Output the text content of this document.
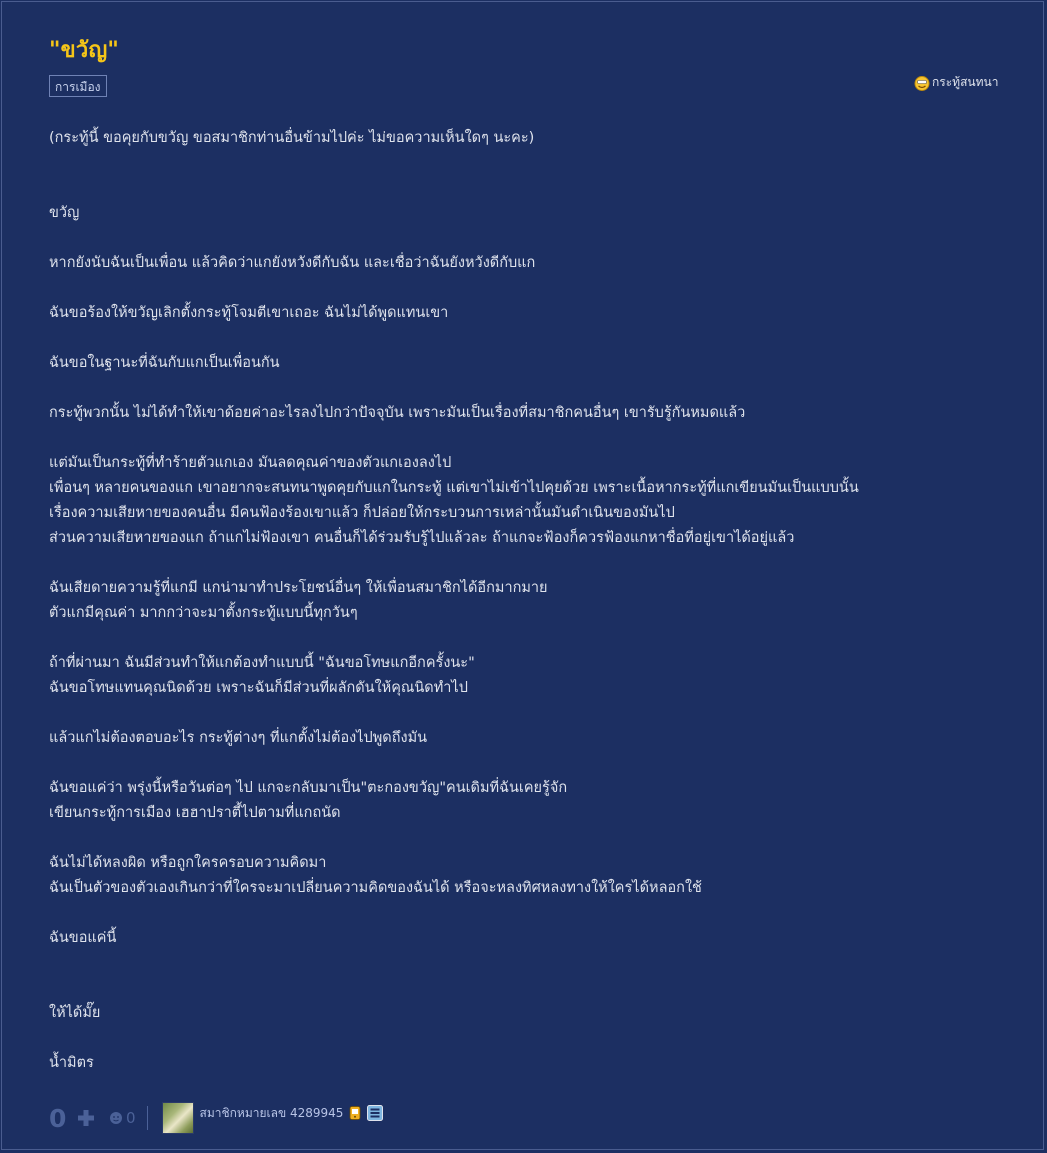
"ขวัญ"
การเมือง	กระทู้สนทนา
(กระทู้นี้ ขอคุยกับขวัญ ขอสมาชิกท่านอื่นข้ามไปค่ะ ไม่ขอความเห็นใดๆ นะคะ)
ขวัญ
หากยังนับฉันเป็นเพื่อน แล้วคิดว่าแกยังหวังดีกับฉัน และเชื่อว่าฉันยังหวังดีกับแก
ฉันขอร้องให้ขวัญเลิกตั้งกระทู้โจมตีเขาเถอะ ฉันไม่ได้พูดแทนเขา
ฉันขอในฐานะที่ฉันกับแกเป็นเพื่อนกัน
กระทู้พวกนั้น ไม่ได้ทำให้เขาด้อยค่าอะไรลงไปกว่าปัจจุบัน เพราะมันเป็นเรื่องที่สมาชิกคนอื่นๆ เขารับรู้กันหมดแล้ว
แต่มันเป็นกระทู้ที่ทำร้ายตัวแกเอง มันลดคุณค่าของตัวแกเองลงไป
เพื่อนๆ หลายคนของแก เขาอยากจะสนทนาพูดคุยกับแกในกระทู้ แต่เขาไม่เข้าไปคุยด้วย เพราะเนื้อหากระทู้ที่แกเขียนมันเป็นแบบนั้น
เรื่องความเสียหายของคนอื่น มีคนฟ้องร้องเขาแล้ว ก็ปล่อยให้กระบวนการเหล่านั้นมันดำเนินของมันไป
ส่วนความเสียหายของแก ถ้าแกไม่ฟ้องเขา คนอื่นก็ได้ร่วมรับรู้ไปแล้วละ ถ้าแกจะฟ้องก็ควรฟ้องแกหาชื่อที่อยู่เขาได้อยู่แล้ว
ฉันเสียดายความรู้ที่แกมี แกน่ามาทำประโยชน์อื่นๆ ให้เพื่อนสมาชิกได้อีกมากมาย
ตัวแกมีคุณค่า มากกว่าจะมาตั้งกระทู้แบบนี้ทุกวันๆ
ถ้าที่ผ่านมา ฉันมีส่วนทำให้แกต้องทำแบบนี้ "ฉันขอโทษแกอีกครั้งนะ"
ฉันขอโทษแทนคุณนิดด้วย เพราะฉันก็มีส่วนที่ผลักดันให้คุณนิดทำไป
แล้วแกไม่ต้องตอบอะไร กระทู้ต่างๆ ที่แกตั้งไม่ต้องไปพูดถึงมัน
ฉันขอแค่ว่า พรุ่งนี้หรือวันต่อๆ ไป แกจะกลับมาเป็น"ตะกองขวัญ"คนเดิมที่ฉันเคยรู้จัก
เขียนกระทู้การเมือง เฮฮาปราตี้ไปตามที่แกถนัด
ฉันไม่ได้หลงผิด หรือถูกใครครอบความคิดมา
ฉันเป็นตัวของตัวเองเกินกว่าที่ใครจะมาเปลี่ยนความคิดของฉันได้ หรือจะหลงทิศหลงทางให้ใครได้หลอกใช้
ฉันขอแค่นี้
ให้ได้มั๊ย
น้ำมิตร
0	0	สมาชิกหมายเลข 4289945
